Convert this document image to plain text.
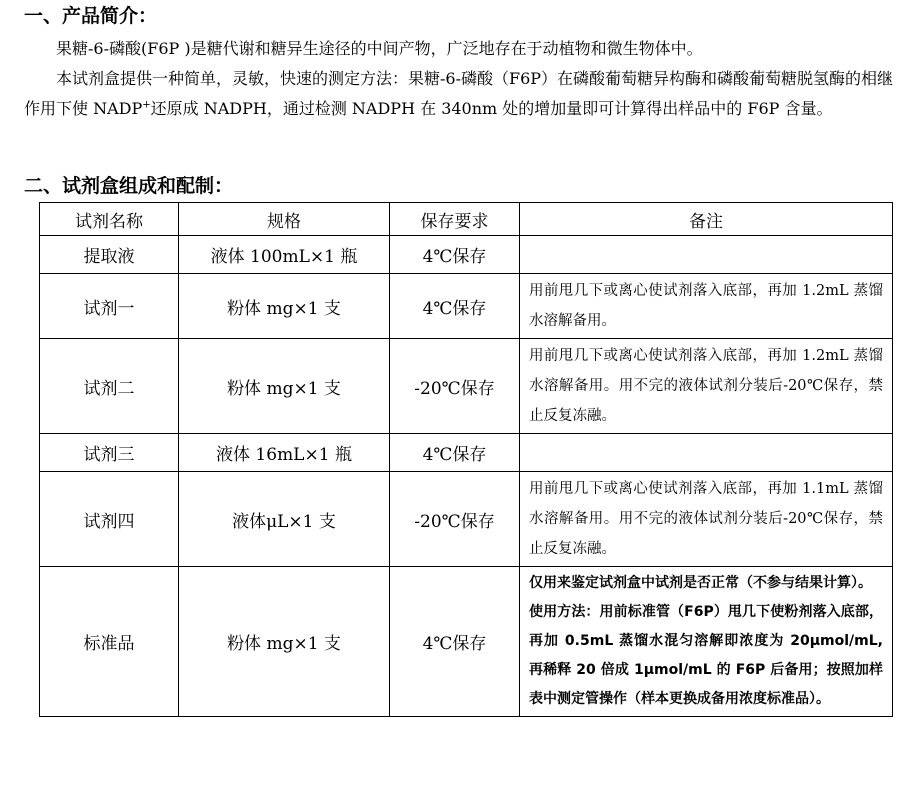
一、产品简介：
果糖-6-磷酸(F6P )是糖代谢和糖异生途径的中间产物，广泛地存在于动植物和微生物体中。
本试剂盒提供一种简单，灵敏，快速的测定方法：果糖-6-磷酸（F6P）在磷酸葡萄糖异构酶和磷酸葡萄糖脱氢酶的相继作用下使 NADP+还原成 NADPH，通过检测 NADPH 在 340nm 处的增加量即可计算得出样品中的 F6P 含量。
二、试剂盒组成和配制：
试剂名称	规格	保存要求	备注
提取液	液体 100mL×1 瓶	4℃保存	
试剂一	粉体 mg×1 支	4℃保存	用前甩几下或离心使试剂落入底部，再加 1.2mL 蒸馏水溶解备用。
试剂二	粉体 mg×1 支	-20℃保存	用前甩几下或离心使试剂落入底部，再加 1.2mL 蒸馏水溶解备用。用不完的液体试剂分装后-20℃保存，禁止反复冻融。
试剂三	液体 16mL×1 瓶	4℃保存	
试剂四	液体μL×1 支	-20℃保存	用前甩几下或离心使试剂落入底部，再加 1.1mL 蒸馏水溶解备用。用不完的液体试剂分装后-20℃保存，禁止反复冻融。
标准品	粉体 mg×1 支	4℃保存	仅用来鉴定试剂盒中试剂是否正常（不参与结果计算）。
使用方法：用前标准管（F6P）甩几下使粉剂落入底部，再加 0.5mL 蒸馏水混匀溶解即浓度为 20μmol/mL, 再稀释 20 倍成 1μmol/mL 的 F6P 后备用；按照加样表中测定管操作（样本更换成备用浓度标准品）。
